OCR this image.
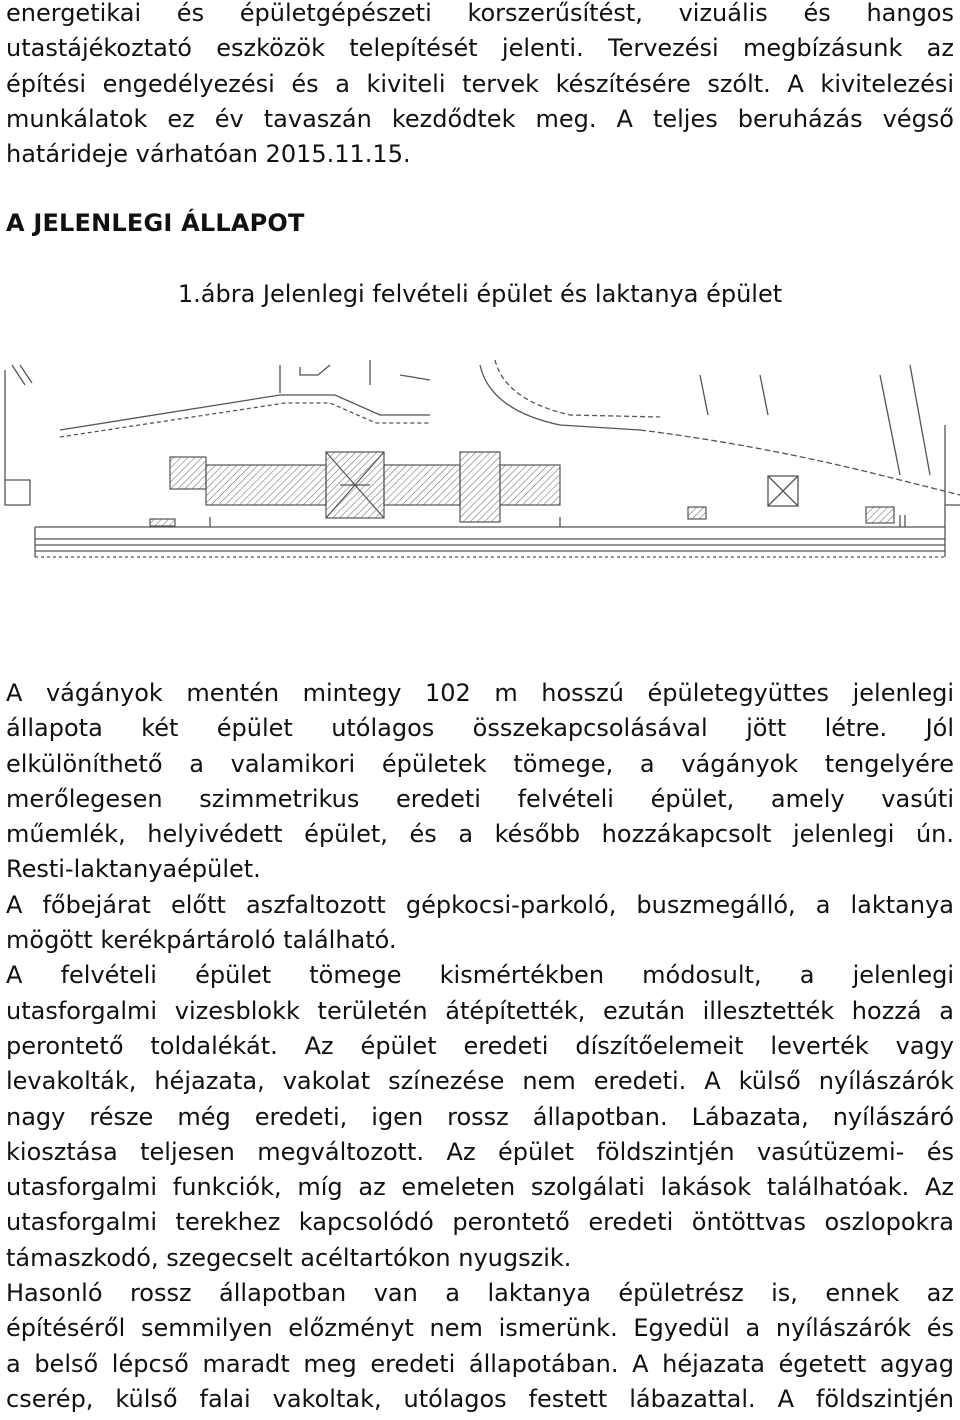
energetikai és épületgépészeti korszerűsítést, vizuális és hangos
utastájékoztató eszközök telepítését jelenti. Tervezési megbízásunk az
építési engedélyezési és a kiviteli tervek készítésére szólt. A kivitelezési
munkálatok ez év tavaszán kezdődtek meg. A teljes beruházás végső
határideje várhatóan 2015.11.15.
A JELENLEGI ÁLLAPOT

1.ábra Jelenlegi felvételi épület és laktanya épület

A vágányok mentén mintegy 102 m hosszú épületegyüttes jelenlegi
állapota két épület utólagos összekapcsolásával jött létre. Jól
elkülöníthető a valamikori épületek tömege, a vágányok tengelyére
merőlegesen szimmetrikus eredeti felvételi épület, amely vasúti
műemlék, helyivédett épület, és a később hozzákapcsolt jelenlegi ún.
Resti-laktanyaépület.
A főbejárat előtt aszfaltozott gépkocsi-parkoló, buszmegálló, a laktanya
mögött kerékpártároló található.
A felvételi épület tömege kismértékben módosult, a jelenlegi
utasforgalmi vizesblokk területén átépítették, ezután illesztették hozzá a
perontető toldalékát. Az épület eredeti díszítőelemeit leverték vagy
levakolták, héjazata, vakolat színezése nem eredeti. A külső nyílászárók
nagy része még eredeti, igen rossz állapotban. Lábazata, nyílászáró
kiosztása teljesen megváltozott. Az épület földszintjén vasútüzemi- és
utasforgalmi funkciók, míg az emeleten szolgálati lakások találhatóak. Az
utasforgalmi terekhez kapcsolódó perontető eredeti öntöttvas oszlopokra
támaszkodó, szegecselt acéltartókon nyugszik.
Hasonló rossz állapotban van a laktanya épületrész is, ennek az
építéséről semmilyen előzményt nem ismerünk. Egyedül a nyílászárók és
a belső lépcső maradt meg eredeti állapotában. A héjazata égetett agyag
cserép, külső falai vakoltak, utólagos festett lábazattal. A földszintjén
